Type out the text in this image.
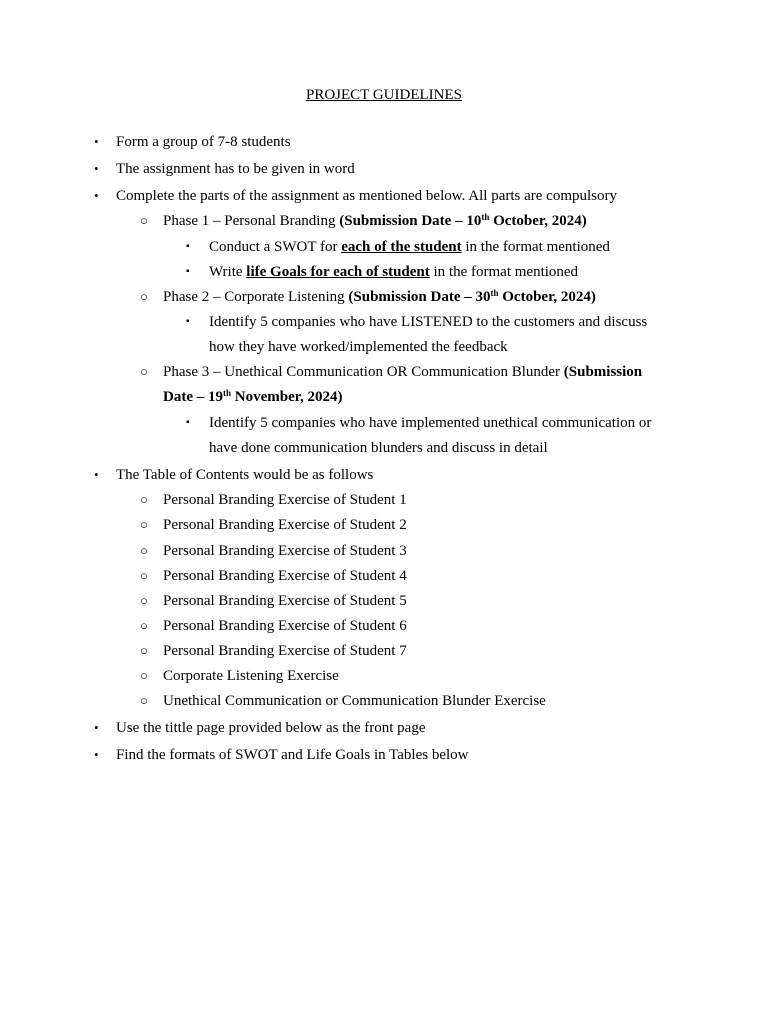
PROJECT GUIDELINES
• Form a group of 7-8 students
• The assignment has to be given in word
• Complete the parts of the assignment as mentioned below. All parts are compulsory
○ Phase 1 – Personal Branding (Submission Date – 10th October, 2024)
▪ Conduct a SWOT for each of the student in the format mentioned
▪ Write life Goals for each of student in the format mentioned
○ Phase 2 – Corporate Listening (Submission Date – 30th October, 2024)
▪ Identify 5 companies who have LISTENED to the customers and discuss
how they have worked/implemented the feedback
○ Phase 3 – Unethical Communication OR Communication Blunder (Submission
Date – 19th November, 2024)
▪ Identify 5 companies who have implemented unethical communication or
have done communication blunders and discuss in detail
• The Table of Contents would be as follows
○ Personal Branding Exercise of Student 1
○ Personal Branding Exercise of Student 2
○ Personal Branding Exercise of Student 3
○ Personal Branding Exercise of Student 4
○ Personal Branding Exercise of Student 5
○ Personal Branding Exercise of Student 6
○ Personal Branding Exercise of Student 7
○ Corporate Listening Exercise
○ Unethical Communication or Communication Blunder Exercise
• Use the tittle page provided below as the front page
• Find the formats of SWOT and Life Goals in Tables below
